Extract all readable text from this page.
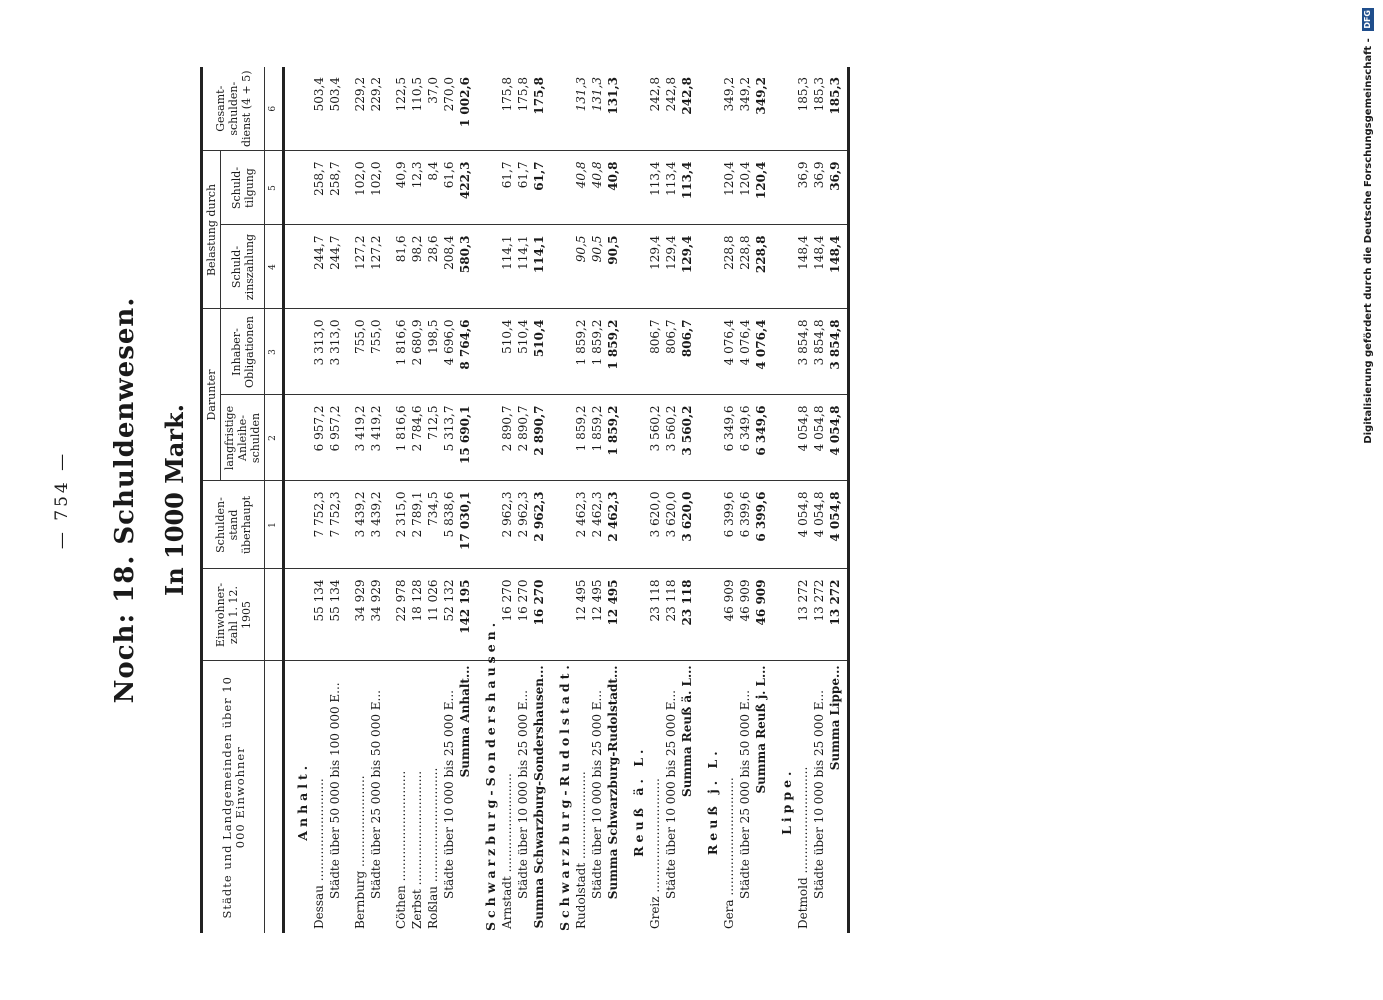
— 754 — Noch: 18. Schuldenwesen. In 1000 Mark.
Städte und Landgemeinden über 10 000 Einwohner	Einwohner-zahl 1. 12. 1905	Schulden-stand überhaupt	Darunter		Belastung durch		Gesamt-schulden-dienst (4 + 5)
			langfristige Anleihe-schulden	Inhaber-Obligationen	Schuld-zinszahlung	Schuld-tilgung	
		1	2	3	4	5	6
Anhalt.							
Dessau ...........................	55 134	7 752,3	6 957,2	3 313,0	244,7	258,7	503,4
Städte über 50 000 bis 100 000 E...	55 134	7 752,3	6 957,2	3 313,0	244,7	258,7	503,4

Bernburg ........................	34 929	3 439,2	3 419,2	755,0	127,2	102,0	229,2
Städte über 25 000 bis 50 000 E...	34 929	3 439,2	3 419,2	755,0	127,2	102,0	229,2

Cöthen .............................	22 978	2 315,0	1 816,6	1 816,6	81,6	40,9	122,5
Zerbst ..............................	18 128	2 789,1	2 784,6	2 680,9	98,2	12,3	110,5
Roßlau ..............................	11 026	734,5	712,5	198,5	28,6	8,4	37,0
Städte über 10 000 bis 25 000 E...	52 132	5 838,6	5 313,7	4 696,0	208,4	61,6	270,0
Summa Anhalt...	142 195	17 030,1	15 690,1	8 764,6	580,3	422,3	1 002,6
Schwarzburg-Sondershausen.							
Arnstadt ..........................	16 270	2 962,3	2 890,7	510,4	114,1	61,7	175,8
Städte über 10 000 bis 25 000 E...	16 270	2 962,3	2 890,7	510,4	114,1	61,7	175,8
Summa Schwarzburg-Sondershausen...	16 270	2 962,3	2 890,7	510,4	114,1	61,7	175,8
Schwarzburg-Rudolstadt.							
Rudolstadt .......................	12 495	2 462,3	1 859,2	1 859,2	90,5	40,8	131,3
Städte über 10 000 bis 25 000 E...	12 495	2 462,3	1 859,2	1 859,2	90,5	40,8	131,3
Summa Schwarzburg-Rudolstadt...	12 495	2 462,3	1 859,2	1 859,2	90,5	40,8	131,3
Reuß ä. L.							
Greiz ..............................	23 118	3 620,0	3 560,2	806,7	129,4	113,4	242,8
Städte über 10 000 bis 25 000 E...	23 118	3 620,0	3 560,2	806,7	129,4	113,4	242,8
Summa Reuß ä. L...	23 118	3 620,0	3 560,2	806,7	129,4	113,4	242,8
Reuß j. L.							
Gera ...............................	46 909	6 399,6	6 349,6	4 076,4	228,8	120,4	349,2
Städte über 25 000 bis 50 000 E...	46 909	6 399,6	6 349,6	4 076,4	228,8	120,4	349,2
Summa Reuß j. L...	46 909	6 399,6	6 349,6	4 076,4	228,8	120,4	349,2
Lippe.							
Detmold ............................	13 272	4 054,8	4 054,8	3 854,8	148,4	36,9	185,3
Städte über 10 000 bis 25 000 E...	13 272	4 054,8	4 054,8	3 854,8	148,4	36,9	185,3
Summa Lippe...	13 272	4 054,8	4 054,8	3 854,8	148,4	36,9	185,3
								Digitalisierung gefördert durch die Deutsche Forschungsgemeinschaft - DFG
